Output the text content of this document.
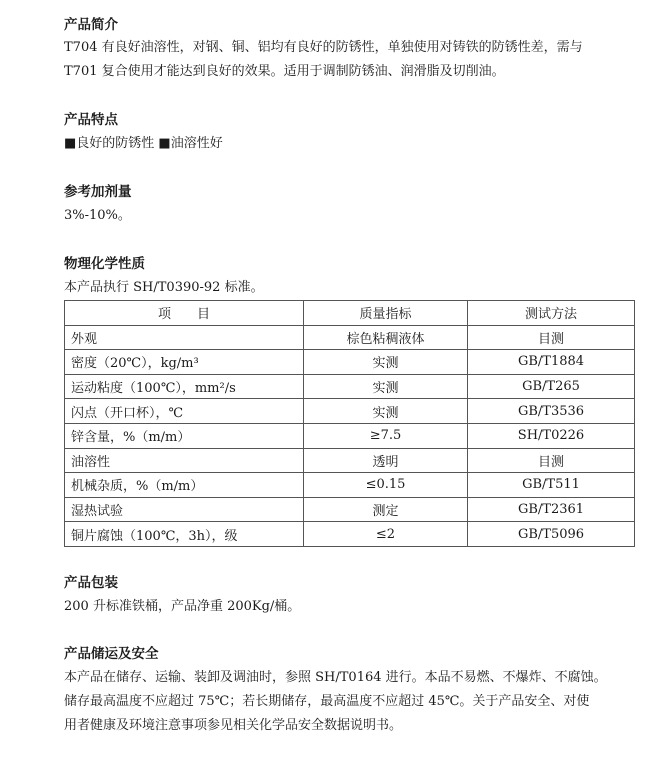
产品简介
T704 有良好油溶性，对钢、铜、铝均有良好的防锈性，单独使用对铸铁的防锈性差，需与
T701 复合使用才能达到良好的效果。适用于调制防锈油、润滑脂及切削油。
产品特点
■良好的防锈性 ■油溶性好
参考加剂量
3%-10%。
物理化学性质
本产品执行 SH/T0390-92 标准。
项　　目	质量指标	测试方法
外观	棕色粘稠液体	目测
密度（20℃），kg/m³	实测	GB/T1884
运动粘度（100℃），mm²/s	实测	GB/T265
闪点（开口杯），℃	实测	GB/T3536
锌含量，%（m/m）	≥7.5	SH/T0226
油溶性	透明	目测
机械杂质，%（m/m）	≤0.15	GB/T511
湿热试验	测定	GB/T2361
铜片腐蚀（100℃，3h），级	≤2	GB/T5096
产品包装
200 升标准铁桶，产品净重 200Kg/桶。
产品储运及安全
本产品在储存、运输、装卸及调油时，参照 SH/T0164 进行。本品不易燃、不爆炸、不腐蚀。
储存最高温度不应超过 75℃；若长期储存，最高温度不应超过 45℃。关于产品安全、对使
用者健康及环境注意事项参见相关化学品安全数据说明书。
